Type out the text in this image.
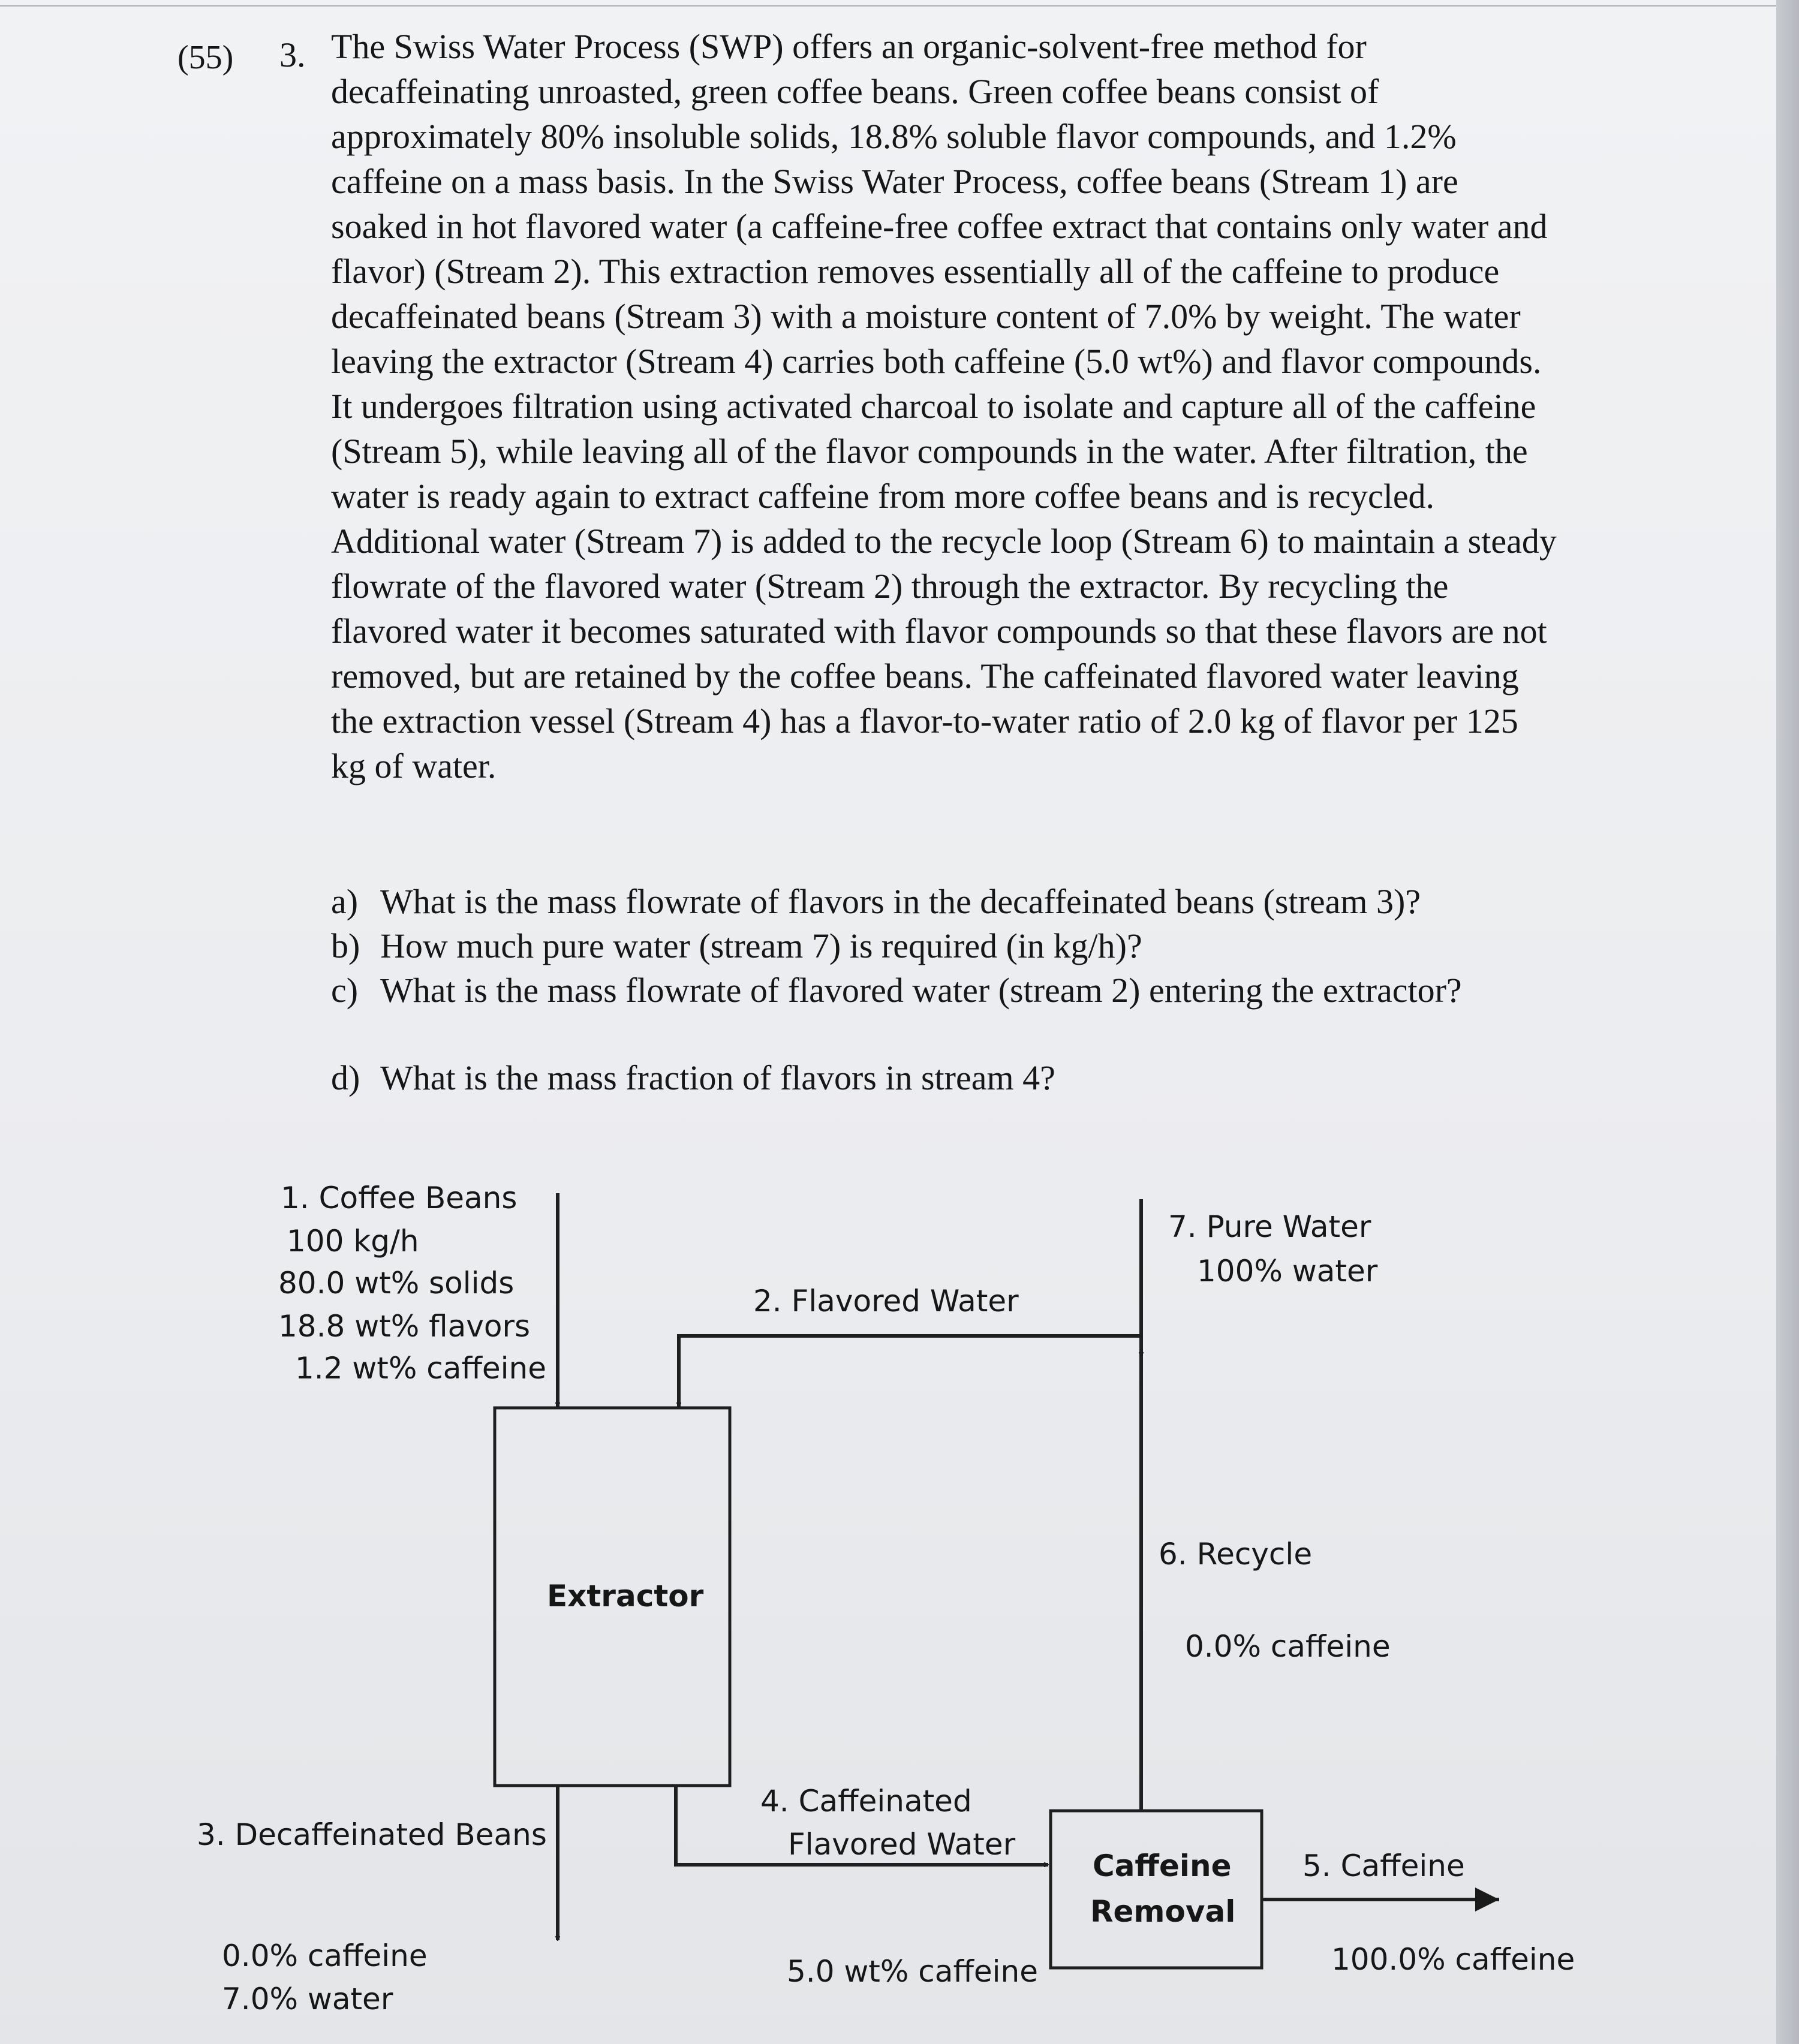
(55) 3. The Swiss Water Process (SWP) offers an organic-solvent-free method for decaffeinating unroasted, green coffee beans. Green coffee beans consist of approximately 80% insoluble solids, 18.8% soluble flavor compounds, and 1.2% caffeine on a mass basis. In the Swiss Water Process, coffee beans (Stream 1) are soaked in hot flavored water (a caffeine-free coffee extract that contains only water and flavor) (Stream 2). This extraction removes essentially all of the caffeine to produce decaffeinated beans (Stream 3) with a moisture content of 7.0% by weight. The water leaving the extractor (Stream 4) carries both caffeine (5.0 wt%) and flavor compounds. It undergoes filtration using activated charcoal to isolate and capture all of the caffeine (Stream 5), while leaving all of the flavor compounds in the water. After filtration, the water is ready again to extract caffeine from more coffee beans and is recycled. Additional water (Stream 7) is added to the recycle loop (Stream 6) to maintain a steady flowrate of the flavored water (Stream 2) through the extractor. By recycling the flavored water it becomes saturated with flavor compounds so that these flavors are not removed, but are retained by the coffee beans. The caffeinated flavored water leaving the extraction vessel (Stream 4) has a flavor-to-water ratio of 2.0 kg of flavor per 125 kg of water.

a) What is the mass flowrate of flavors in the decaffeinated beans (stream 3)?
b) How much pure water (stream 7) is required (in kg/h)?
c) What is the mass flowrate of flavored water (stream 2) entering the extractor?
d) What is the mass fraction of flavors in stream 4?
1. Coffee Beans
100 kg/h
80.0 wt% solids
18.8 wt% flavors
1.2 wt% caffeine
2. Flavored Water
7. Pure Water
100% water
Extractor
6. Recycle
0.0% caffeine
3. Decaffeinated Beans
0.0% caffeine
7.0% water
4. Caffeinated
Flavored Water
5.0 wt% caffeine
Caffeine
Removal
5. Caffeine
100.0% caffeine
